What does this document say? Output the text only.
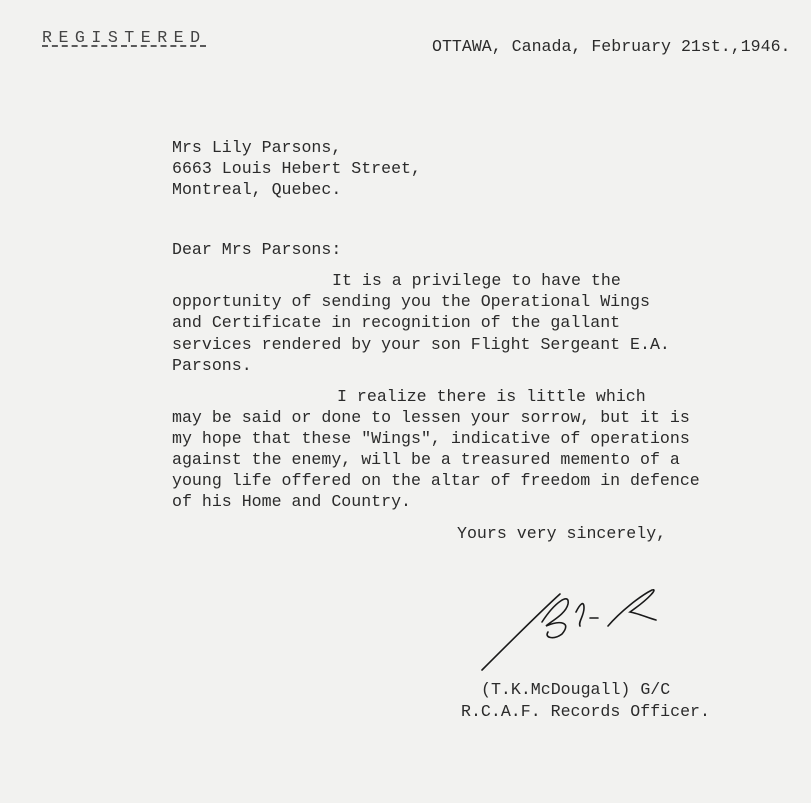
REGISTERED	OTTAWA, Canada, February 21st.,1946.
Mrs Lily Parsons,
6663 Louis Hebert Street,
Montreal, Quebec.
Dear Mrs Parsons:
It is a privilege to have the
opportunity of sending you the Operational Wings
and Certificate in recognition of the gallant
services rendered by your son Flight Sergeant E.A.
Parsons.
I realize there is little which
may be said or done to lessen your sorrow, but it is
my hope that these "Wings", indicative of operations
against the enemy, will be a treasured memento of a
young life offered on the altar of freedom in defence
of his Home and Country.
Yours very sincerely,
(T.K.McDougall) G/C
R.C.A.F. Records Officer.
